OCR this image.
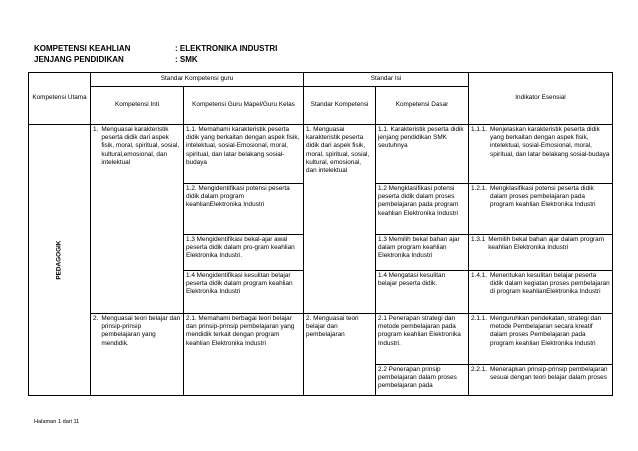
KOMPETENSI KEAHLIAN	: ELEKTRONIKA INDUSTRI
JENJANG PENDIDIKAN	: SMK
Kompetensi Utama	Standar Kompetensi guru		Standar Isi		Indikator Esensial
	Kompetensi Inti	Kompetensi Guru Mapel/Guru Kelas	Standar Kompetensi	Kompetensi Dasar	
PEDAGOGIK	1. Menguasai karakteristik peserta didik dari aspek fisik, moral, spiritual, sosial, kultural,emosional, dan intelektual	1.1. Memahami karakteristik peserta didik yang berkaitan dengan aspek fisik, intelektual, sosial-Emosional, moral, spiritual, dan latar belakang sosial-budaya	1. Menguasai karakteristik peserta didik dari aspek fisik, moral, spiritual, sosial, kultural, emosional, dan intelektual	1.1. Karakteristik peserta didik jenjang pendidikan SMK seutuhnya	1.1.1. Menjelaskan karakteristik peserta didik yang berkaitan dengan aspek fisik, intelektual, sosial-Emosional, moral, spiritual, dan latar belakang sosial-budaya

		1.2. Mengidentifikasi potensi peserta didik dalam program keahlianElektronika Industri		1.2 Mengklasifikasi potensi peserta didik dalam proses pembelajaran pada program keahlian Elektronika Industri	1.2.1. Mengklasifikasi potensi peserta didik dalam proses pembelajaran pada program keahlian Elektronika Industri

		1.3 Mengidentifikasi bekal-ajar awal peserta didik dalam pro-gram keahlian Elektronika Industri.		1.3 Memilih bekal bahan ajar dalam program keahlian Elektronika Industri	1.3.1 Memilih bekal bahan ajar dalam program keahlian Elektronika Industri

		1.4 Mengidentifikasi kesulitan belajar peserta didik dalam program keahlian Elektronika Industri		1.4 Mengatasi kesulitan belajar peserta didik.	1.4.1. Menentukan kesulitan belajar peserta didik dalam kegiatan proses pembelajaran di program keahlianElektronika Industri

	2. Menguasai teori belajar dan prinsip-prinsip pembelajaran yang mendidik.	2.1. Memahami berbagai teori belajar dan prinsip-prinsip pembelajaran yang mendidik terkait dengan program keahlian Elektronika Industri	2. Menguasai teori belajar dan pembelajaran	2.1 Penerapan strategi dan metode pembelajaran pada program keahlian Elektronika Industri.	2.1.1. Menguruhkan pendekatan, strategi dan metode Pembelajaran secara kreatif dalam proses Pembelajaran pada program keahlian Elektronika Industri

				2.2 Penerapan prinsip pembelajaran dalam proses pembelajaran pada	2.2.1. Menerapkan prinsip-prinsip pembelajaran sesuai dengan teori belajar dalam proses
Halaman 1 dari 11
